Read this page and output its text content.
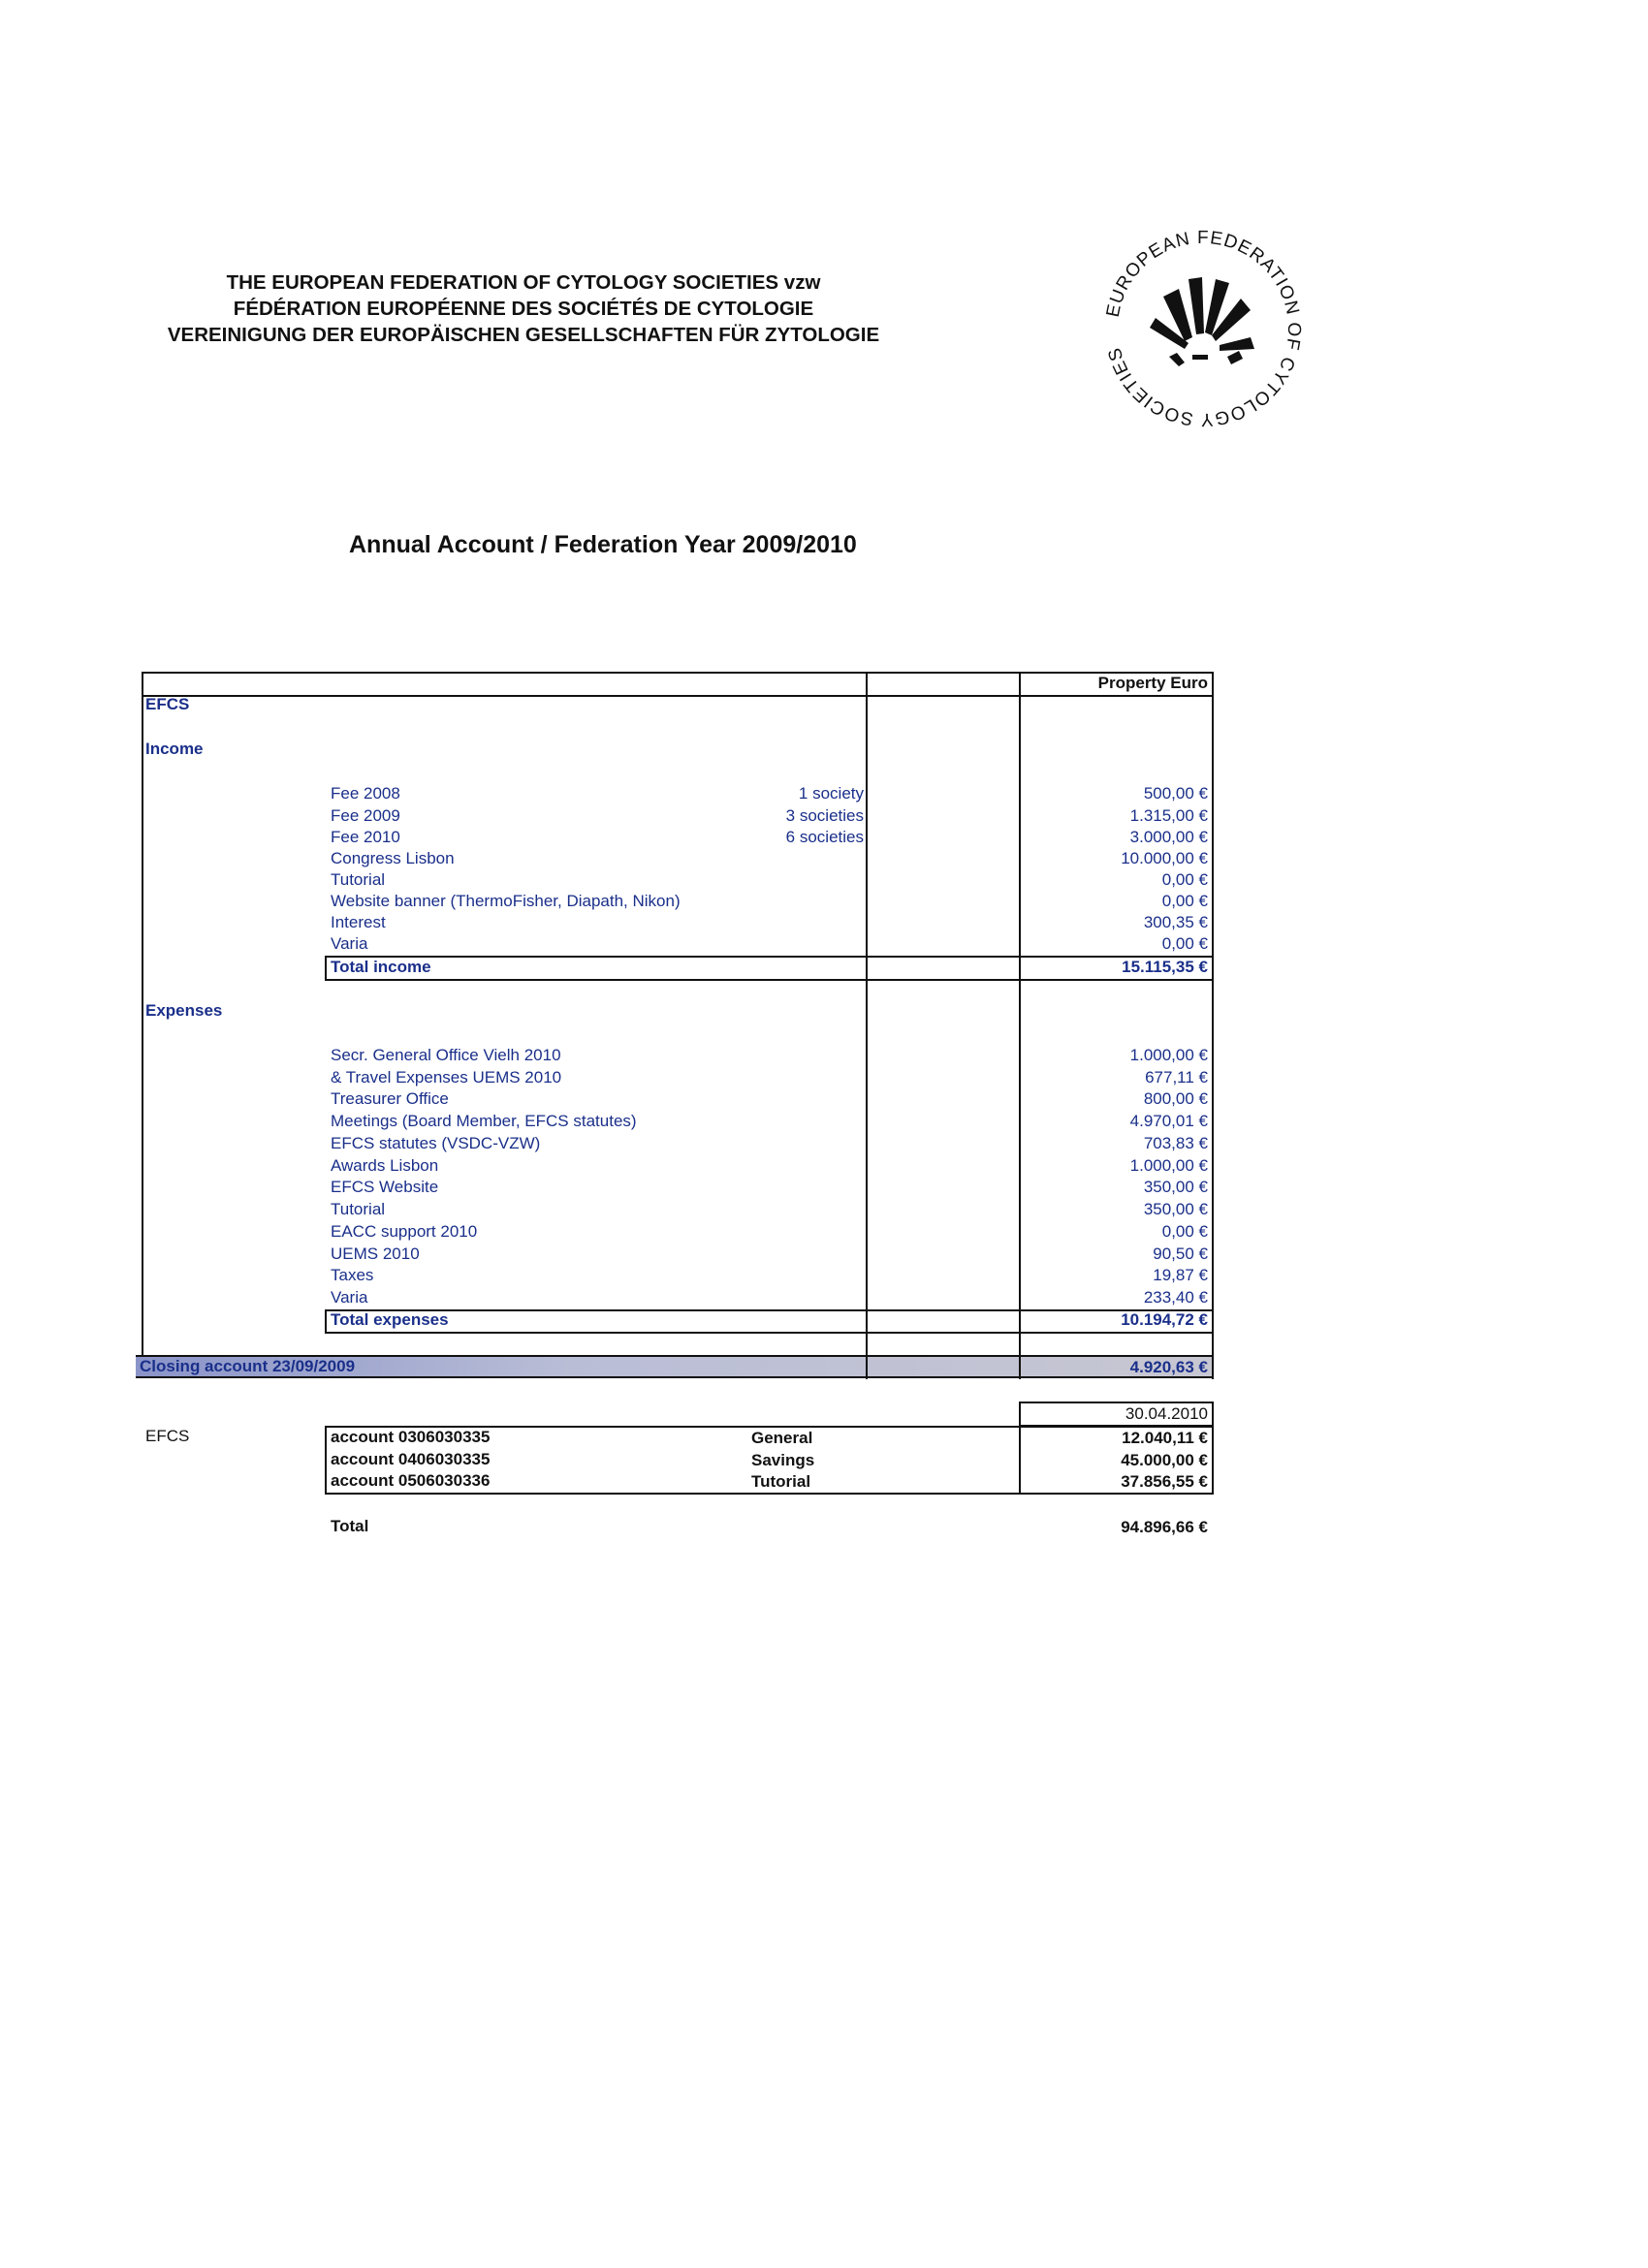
THE EUROPEAN FEDERATION OF CYTOLOGY SOCIETIES vzw
FÉDÉRATION EUROPÉENNE DES SOCIÉTÉS DE CYTOLOGIE
VEREINIGUNG DER EUROPÄISCHEN GESELLSCHAFTEN FÜR ZYTOLOGIE
EUROPEAN FEDERATION OF CYTOLOGY SOCIETIES
Annual Account / Federation Year 2009/2010
Property Euro
EFCS
Income
Fee 2008	1 society	500,00 €
Fee 2009	3 societies	1.315,00 €
Fee 2010	6 societies	3.000,00 €
Congress Lisbon	10.000,00 €
Tutorial	0,00 €
Website banner (ThermoFisher, Diapath, Nikon)	0,00 €
Interest	300,35 €
Varia	0,00 €
Total income	15.115,35 €
Expenses
Secr. General Office Vielh 2010	1.000,00 €
& Travel Expenses UEMS 2010	677,11 €
Treasurer Office	800,00 €
Meetings (Board Member, EFCS statutes)	4.970,01 €
EFCS statutes (VSDC-VZW)	703,83 €
Awards Lisbon	1.000,00 €
EFCS Website	350,00 €
Tutorial	350,00 €
EACC support 2010	0,00 €
UEMS 2010	90,50 €
Taxes	19,87 €
Varia	233,40 €
Total expenses	10.194,72 €
Closing account 23/09/2009	4.920,63 €
30.04.2010
EFCS	account 0306030335	General	12.040,11 €
account 0406030335	Savings	45.000,00 €
account 0506030336	Tutorial	37.856,55 €
Total	94.896,66 €
